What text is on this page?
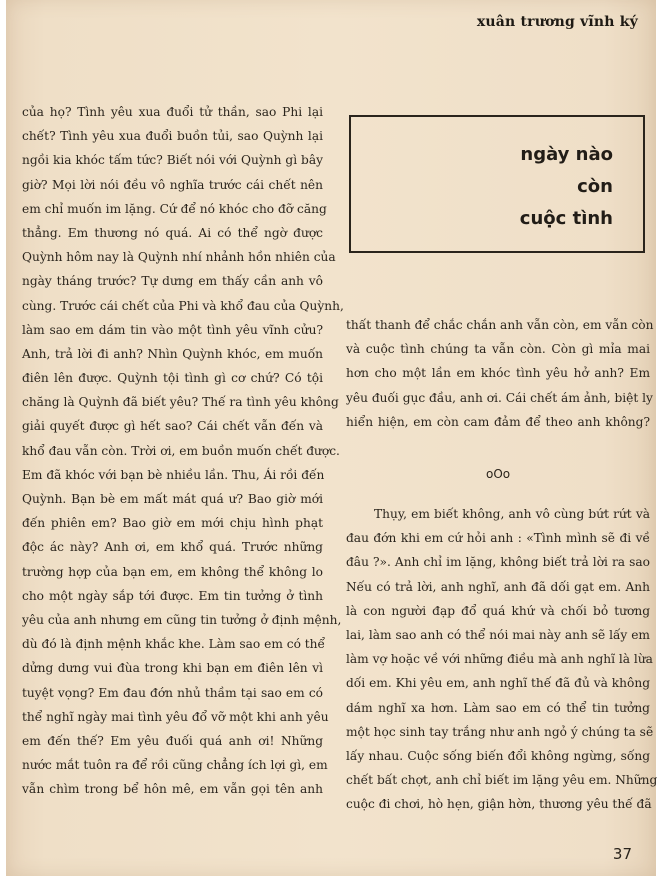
xuân trương vĩnh ký
của họ? Tình yêu xua đuổi tử thần, sao Phi lại
chết? Tình yêu xua đuổi buồn tủi, sao Quỳnh lại
ngồi kia khóc tấm tức? Biết nói với Quỳnh gì bây
giờ? Mọi lời nói đều vô nghĩa trước cái chết nên
em chỉ muốn im lặng. Cứ để nó khóc cho đỡ căng
thẳng. Em thương nó quá. Ai có thể ngờ được
Quỳnh hôm nay là Quỳnh nhí nhảnh hồn nhiên của
ngày tháng trước? Tự dưng em thấy cần anh vô
cùng. Trước cái chết của Phi và khổ đau của Quỳnh,
làm sao em dám tin vào một tình yêu vĩnh cửu?
Anh, trả lời đi anh? Nhìn Quỳnh khóc, em muốn
điên lên được. Quỳnh tội tình gì cơ chứ? Có tội
chăng là Quỳnh đã biết yêu? Thế ra tình yêu không
giải quyết được gì hết sao? Cái chết vẫn đến và
khổ đau vẫn còn. Trời ơi, em buồn muốn chết được.
Em đã khóc với bạn bè nhiều lần. Thu, Ái rồi đến
Quỳnh. Bạn bè em mất mát quá ư? Bao giờ mới
đến phiên em? Bao giờ em mới chịu hình phạt
độc ác này? Anh ơi, em khổ quá. Trước những
trường hợp của bạn em, em không thể không lo
cho một ngày sắp tới được. Em tin tưởng ở tình
yêu của anh nhưng em cũng tin tưởng ở định mệnh,
dù đó là định mệnh khắc khe. Làm sao em có thể
dửng dưng vui đùa trong khi bạn em điên lên vì
tuyệt vọng? Em đau đớn nhủ thầm tại sao em có
thể nghĩ ngày mai tình yêu đổ vỡ một khi anh yêu
em đến thế? Em yêu đuối quá anh ơi! Những
nước mắt tuôn ra để rồi cũng chẳng ích lợi gì, em
vẫn chìm trong bể hôn mê, em vẫn gọi tên anh
ngày nào
còn
cuộc tình
thất thanh để chắc chắn anh vẫn còn, em vẫn còn
và cuộc tình chúng ta vẫn còn. Còn gì mỉa mai
hơn cho một lần em khóc tình yêu hở anh? Em
yêu đuối gục đầu, anh ơi. Cái chết ám ảnh, biệt ly
hiển hiện, em còn cam đảm để theo anh không?
oOo
Thụy, em biết không, anh vô cùng bứt rứt và
đau đớn khi em cứ hỏi anh : «Tình mình sẽ đi về
đâu ?». Anh chỉ im lặng, không biết trả lời ra sao
Nếu có trả lời, anh nghĩ, anh đã dối gạt em. Anh
là con người đạp đổ quá khứ và chối bỏ tương
lai, làm sao anh có thể nói mai này anh sẽ lấy em
làm vợ hoặc về với những điều mà anh nghĩ là lừa
dối em. Khi yêu em, anh nghĩ thế đã đủ và không
dám nghĩ xa hơn. Làm sao em có thể tin tưởng
một học sinh tay trắng như anh ngỏ ý chúng ta sẽ
lấy nhau. Cuộc sống biến đổi không ngừng, sống
chết bất chợt, anh chỉ biết im lặng yêu em. Những
cuộc đi chơi, hò hẹn, giận hờn, thương yêu thế đã
37
